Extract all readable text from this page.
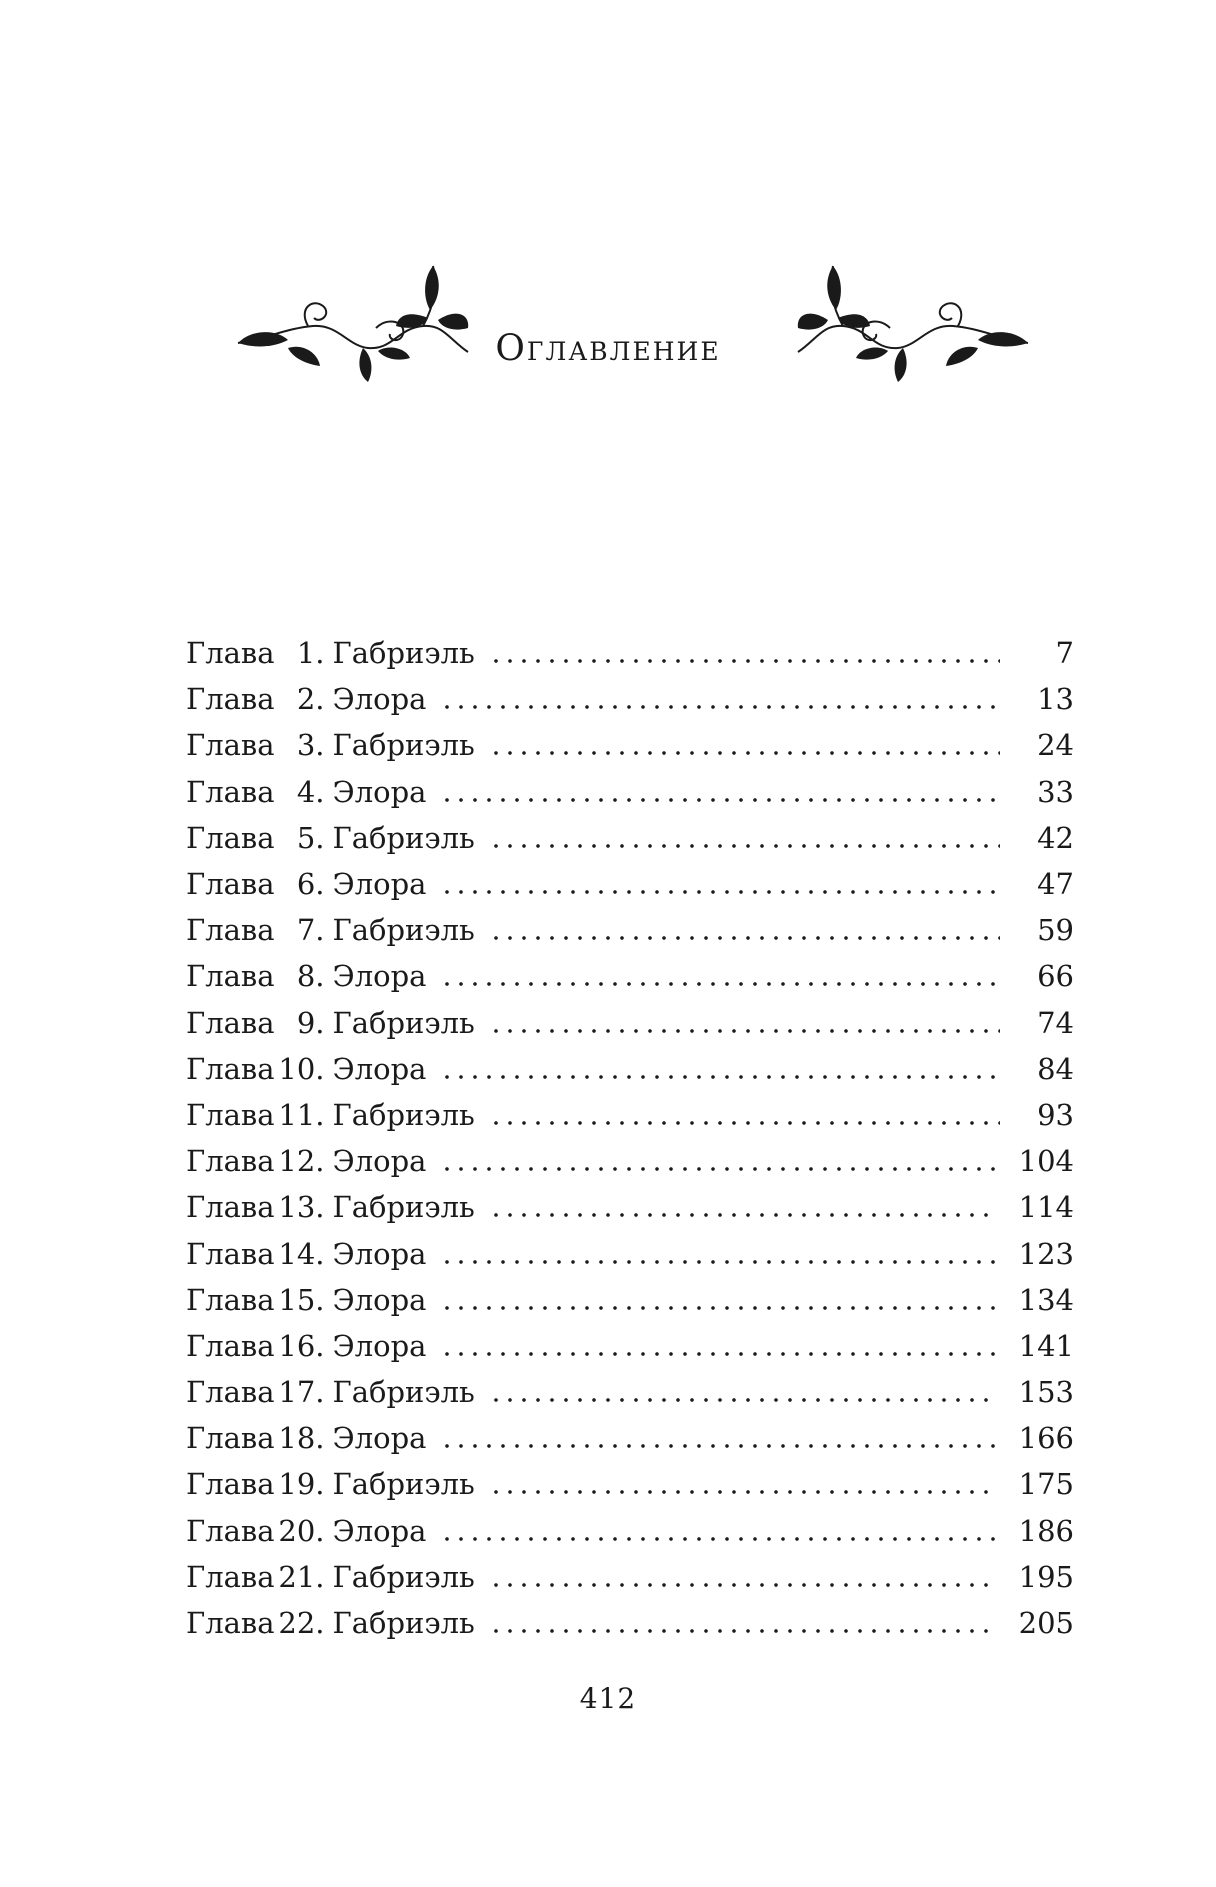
Оглавление
Глава 1. Габриэль	7
Глава 2. Элора	13
Глава 3. Габриэль	24
Глава 4. Элора	33
Глава 5. Габриэль	42
Глава 6. Элора	47
Глава 7. Габриэль	59
Глава 8. Элора	66
Глава 9. Габриэль	74
Глава 10. Элора	84
Глава 11. Габриэль	93
Глава 12. Элора	104
Глава 13. Габриэль	114
Глава 14. Элора	123
Глава 15. Элора	134
Глава 16. Элора	141
Глава 17. Габриэль	153
Глава 18. Элора	166
Глава 19. Габриэль	175
Глава 20. Элора	186
Глава 21. Габриэль	195
Глава 22. Габриэль	205
412
